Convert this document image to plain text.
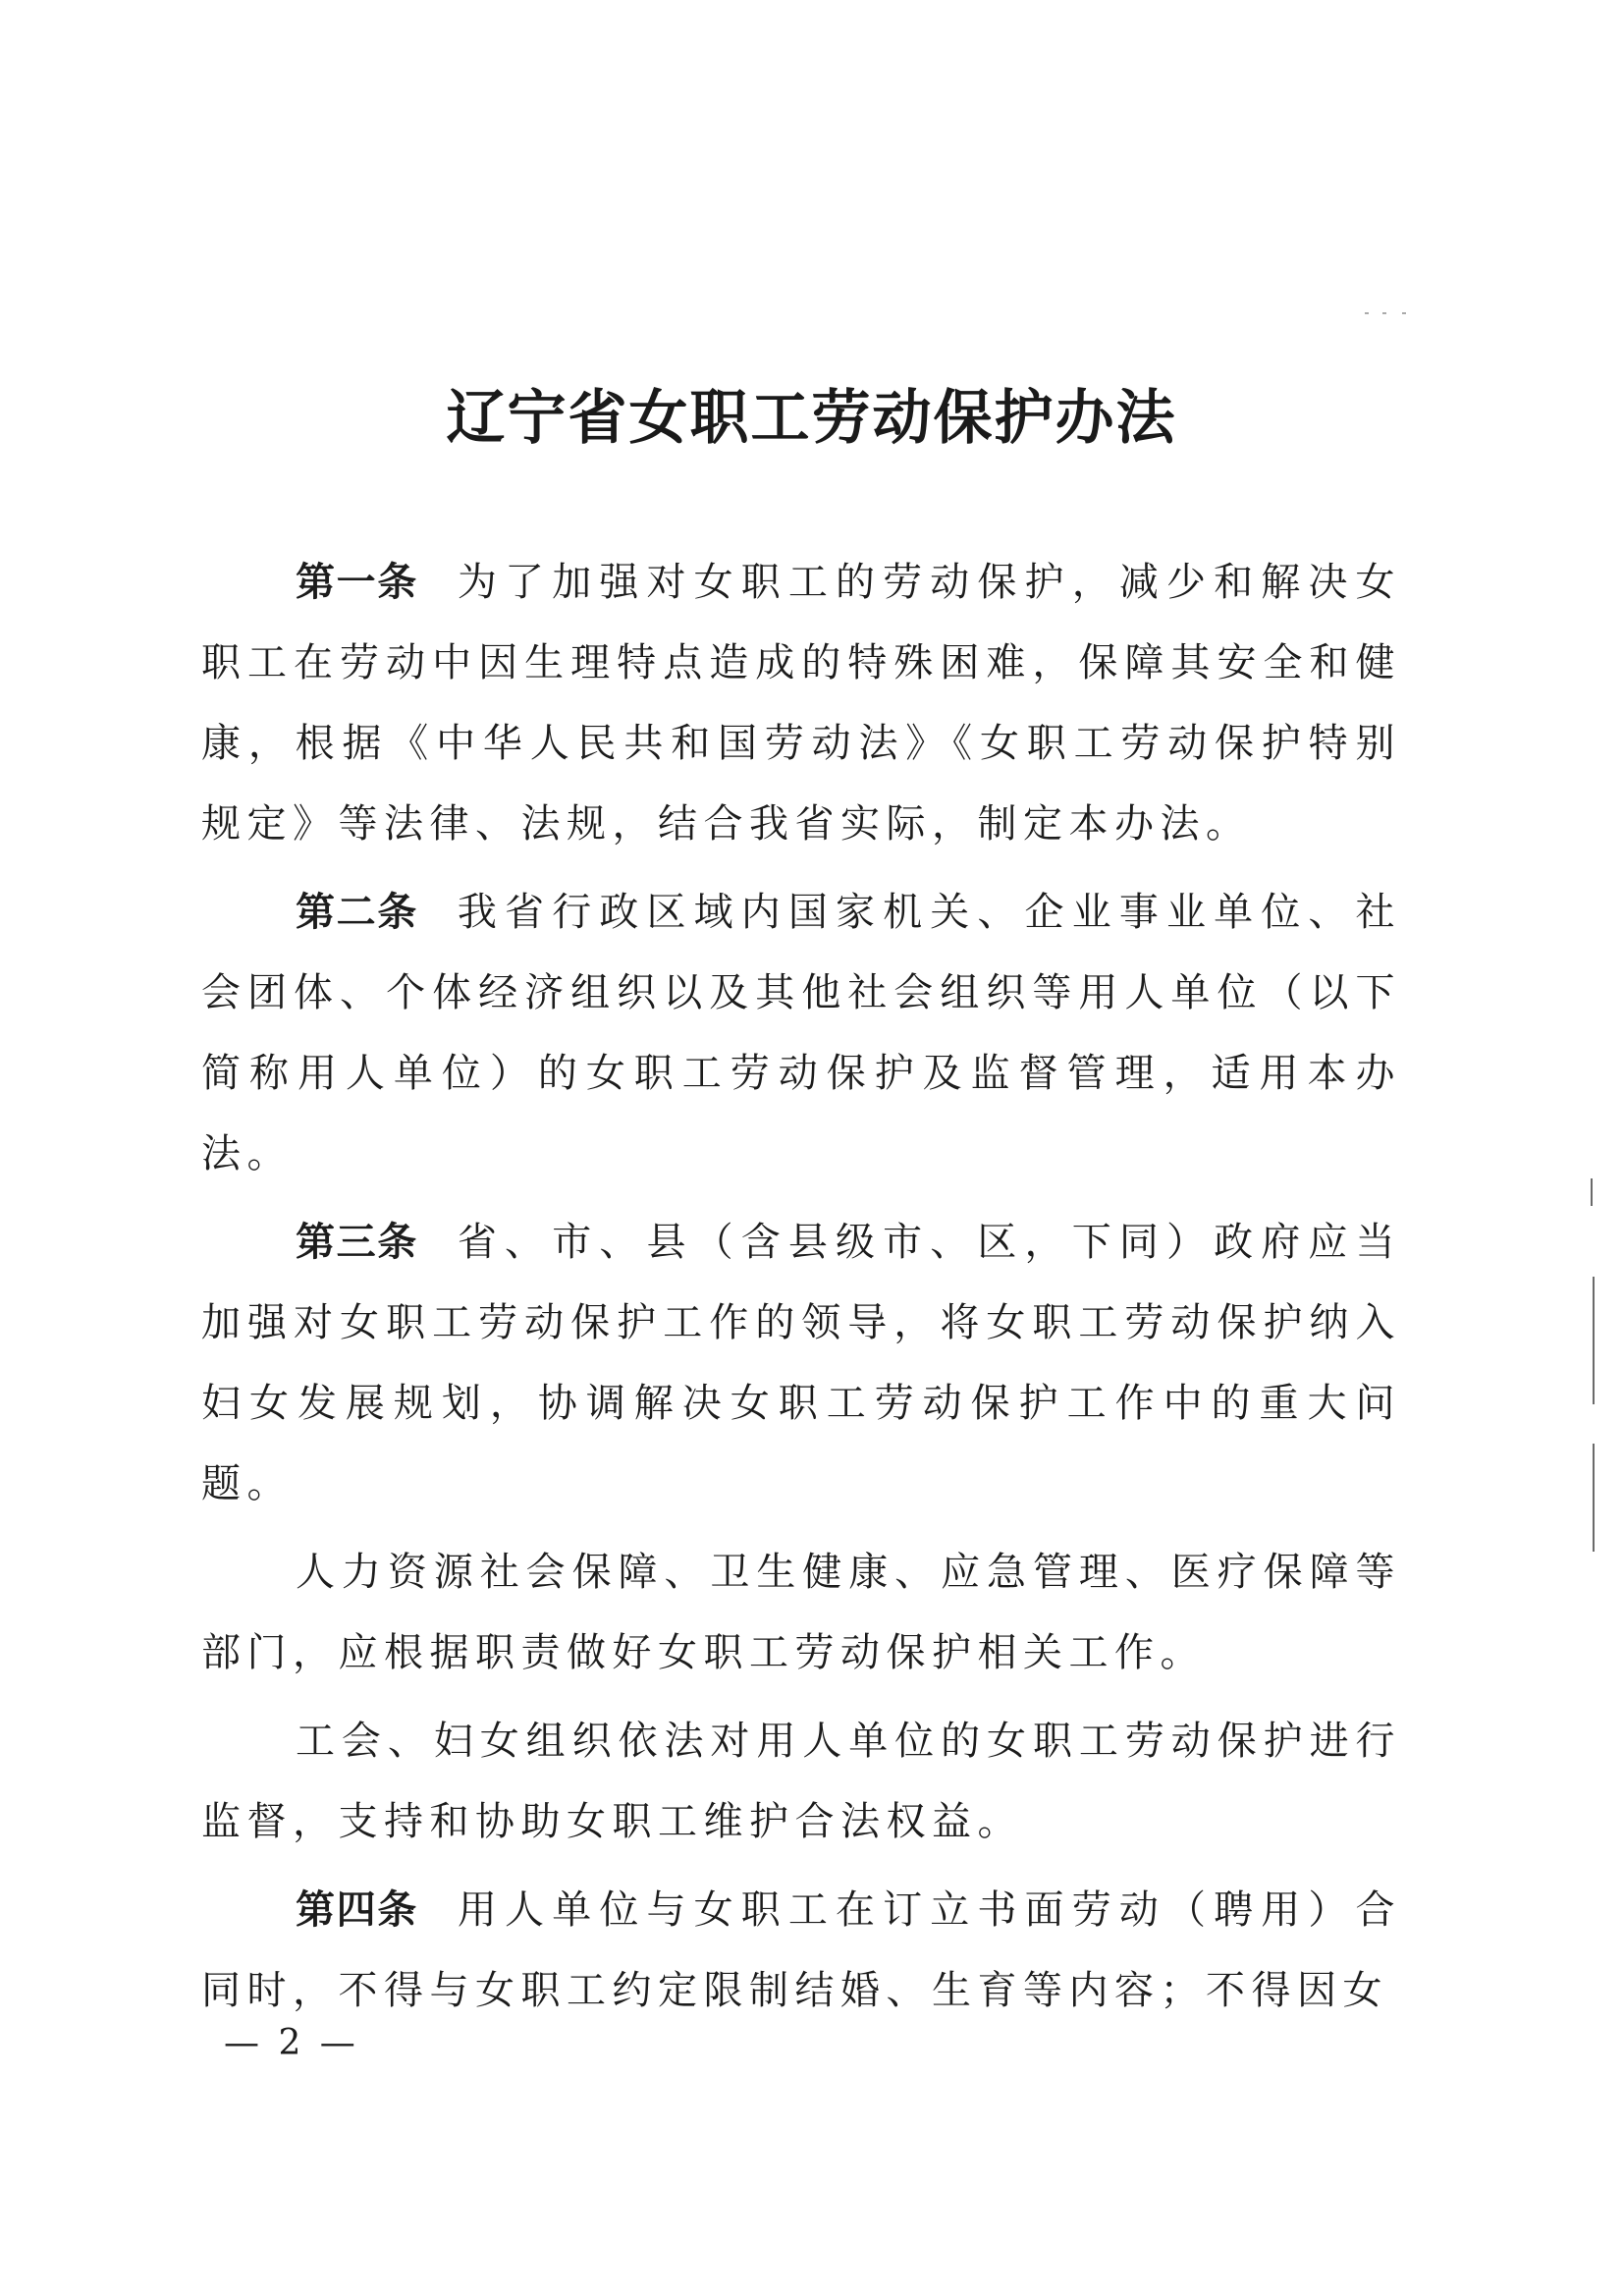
辽宁省女职工劳动保护办法

第一条 为了加强对女职工的劳动保护，减少和解决女职工在劳动中因生理特点造成的特殊困难，保障其安全和健康，根据《中华人民共和国劳动法》《女职工劳动保护特别规定》等法律、法规，结合我省实际，制定本办法。

第二条 我省行政区域内国家机关、企业事业单位、社会团体、个体经济组织以及其他社会组织等用人单位（以下简称用人单位）的女职工劳动保护及监督管理，适用本办法。

第三条 省、市、县（含县级市、区，下同）政府应当加强对女职工劳动保护工作的领导，将女职工劳动保护纳入妇女发展规划，协调解决女职工劳动保护工作中的重大问题。

人力资源社会保障、卫生健康、应急管理、医疗保障等部门，应根据职责做好女职工劳动保护相关工作。

工会、妇女组织依法对用人单位的女职工劳动保护进行监督，支持和协助女职工维护合法权益。

第四条 用人单位与女职工在订立书面劳动（聘用）合同时，不得与女职工约定限制结婚、生育等内容；不得因女

— 2 —
